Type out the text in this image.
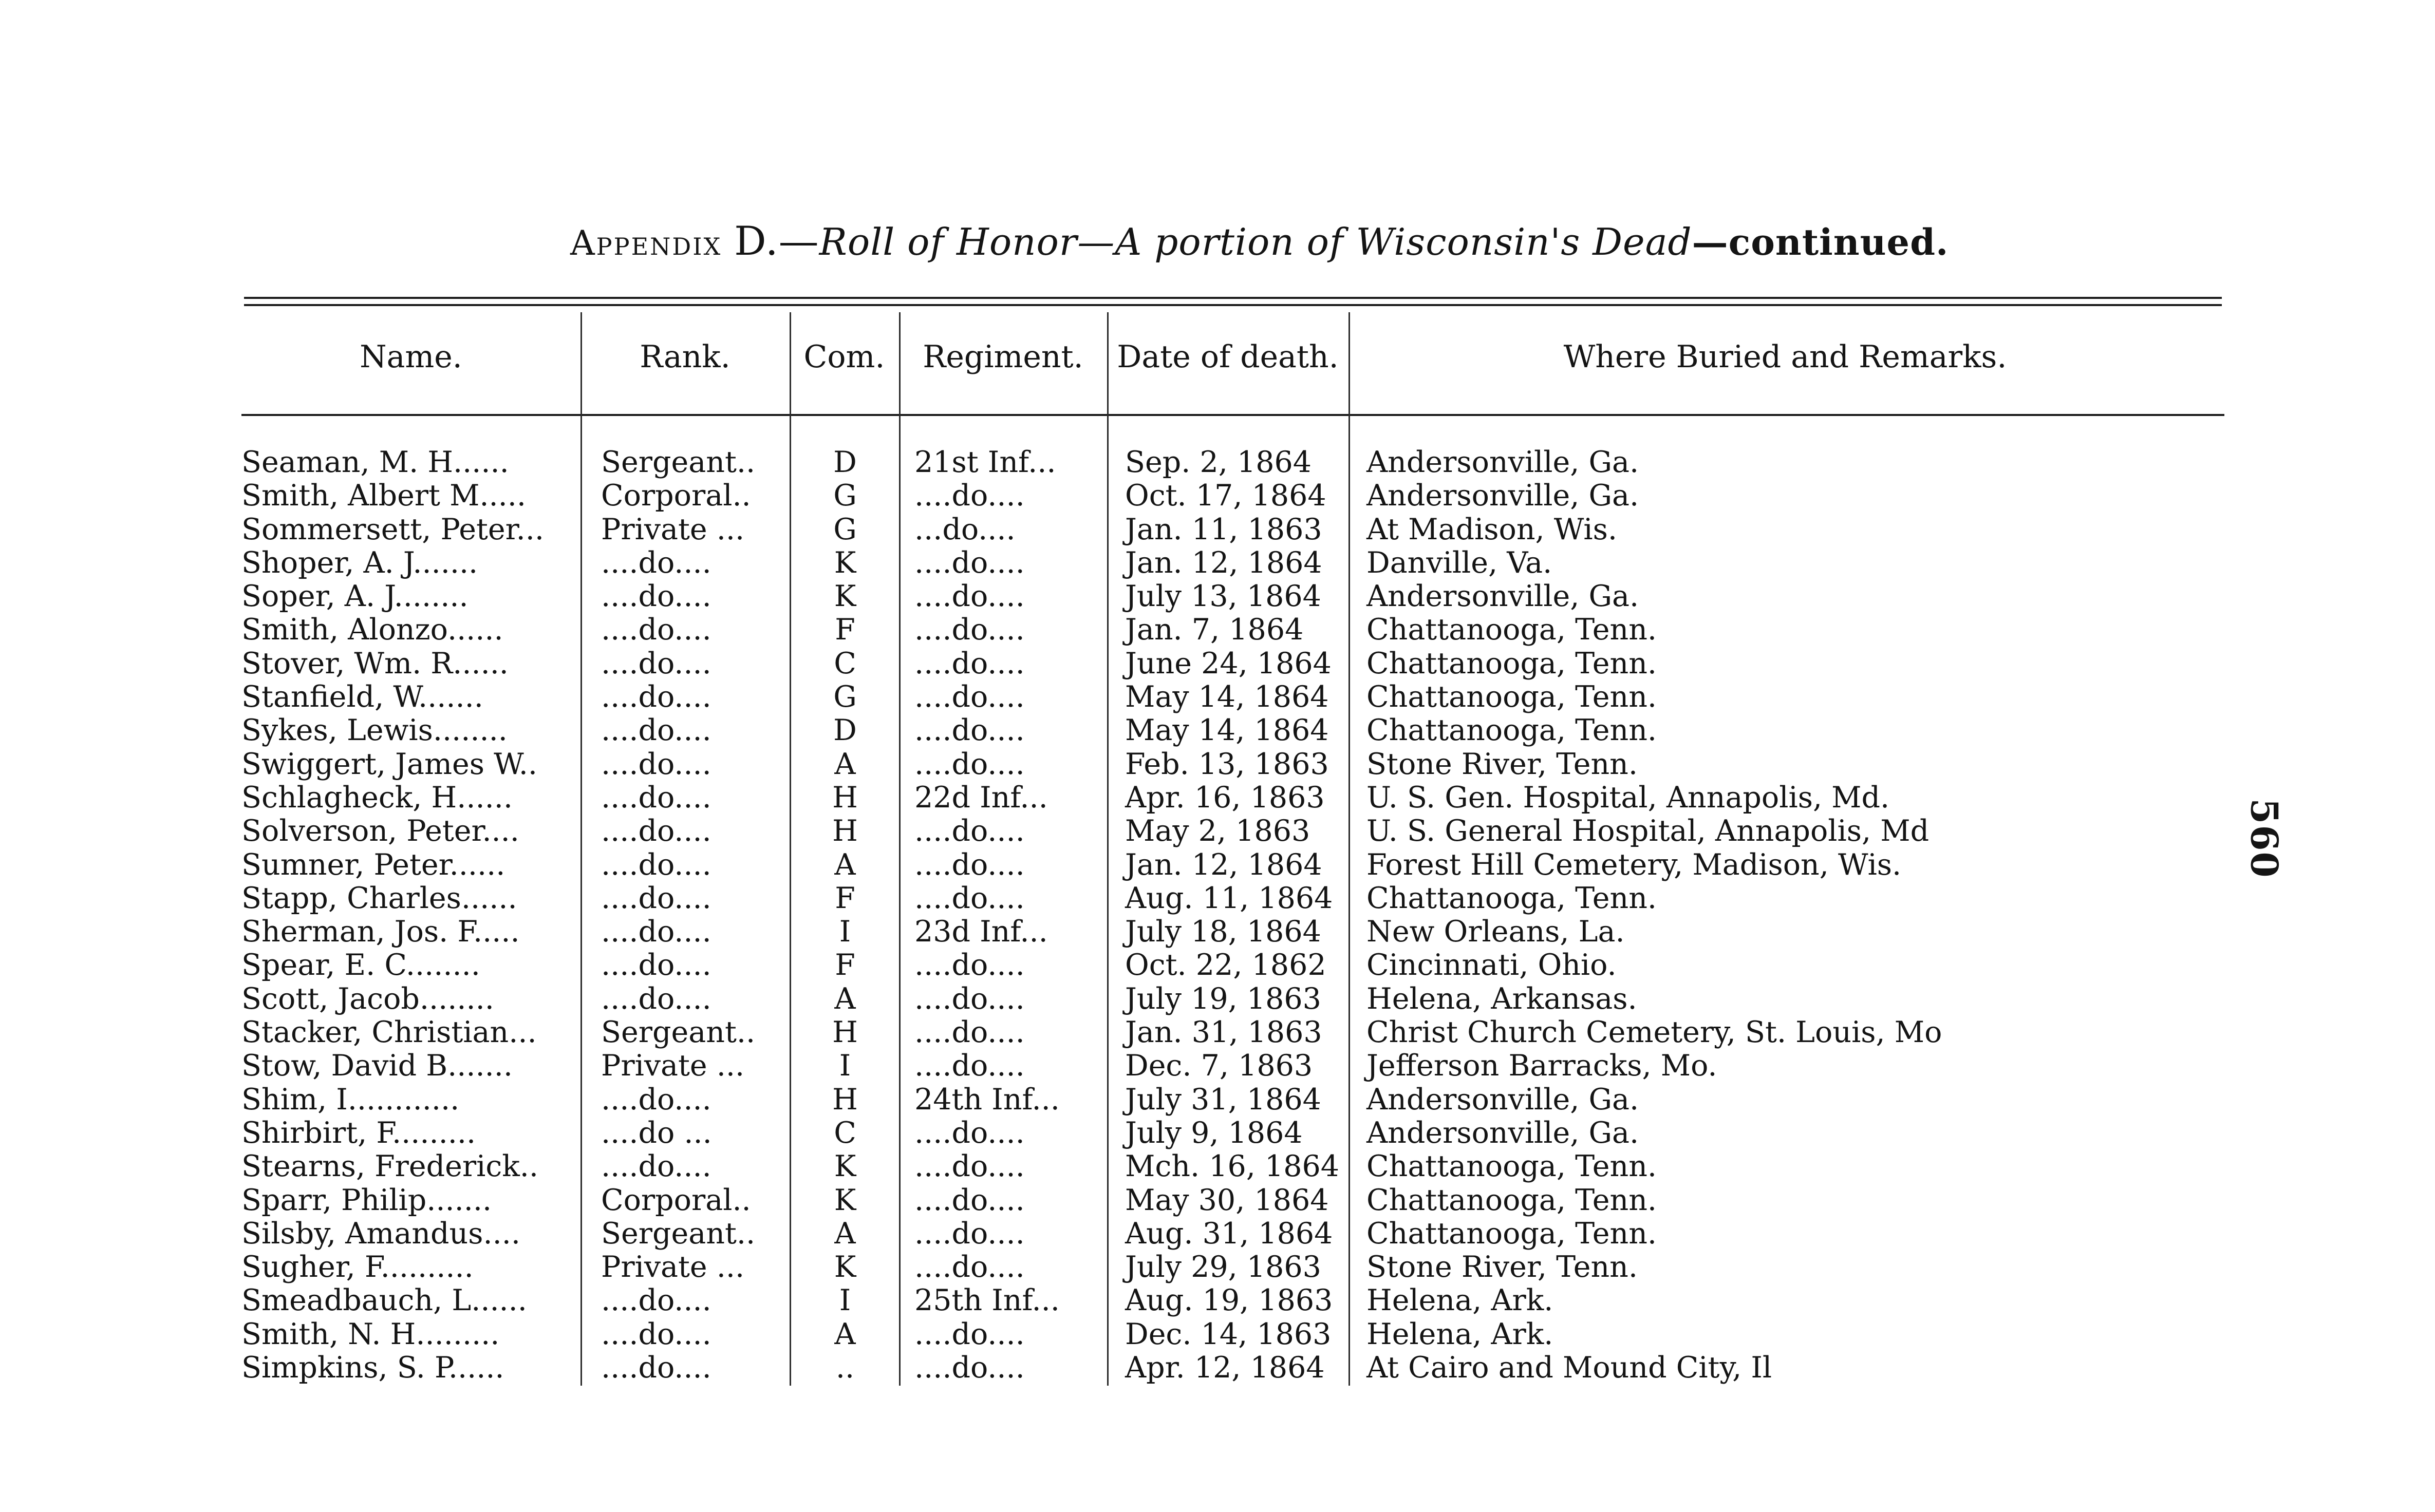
Appendix D.—Roll of Honor—A portion of Wisconsin's Dead—continued.
Name.	Rank.	Com.	Regiment.	Date of death.	Where Buried and Remarks.
Seaman, M. H......	Sergeant..	D	21st Inf... Sep. 2, 1864 Andersonville, Ga.
Smith, Albert M.....	Corporal..	G	....do....	Oct. 17, 1864 Andersonville, Ga.
Sommersett, Peter... Private ...	G	...do....	Jan. 11, 1863 At Madison, Wis.
Shoper, A. J.......	....do....	K	....do....	Jan. 12, 1864 Danville, Va.
Soper, A. J........	....do....	K	....do....	July 13, 1864 Andersonville, Ga.
Smith, Alonzo......	....do....	F	....do....	Jan. 7, 1864 Chattanooga, Tenn.
Stover, Wm. R......	....do....	C	....do....	June 24, 1864 Chattanooga, Tenn.
Stanfield, W.......	....do....	G	....do....	May 14, 1864 Chattanooga, Tenn.
Sykes, Lewis........	....do....	D	....do....	May 14, 1864 Chattanooga, Tenn.
Swiggert, James W.. ....do....	A	....do....	Feb. 13, 1863 Stone River, Tenn.
Schlagheck, H......	....do....	H	22d Inf...	Apr. 16, 1863 U. S. Gen. Hospital, Annapolis, Md.
Solverson, Peter....	....do....	H	....do....	May 2, 1863 U. S. General Hospital, Annapolis, Md
Sumner, Peter......	....do....	A	....do....	Jan. 12, 1864 Forest Hill Cemetery, Madison, Wis.
Stapp, Charles......	....do....	F	....do....	Aug. 11, 1864 Chattanooga, Tenn.
Sherman, Jos. F.....	....do....	I	23d Inf...	July 18, 1864 New Orleans, La.
Spear, E. C........	....do....	F	....do....	Oct. 22, 1862 Cincinnati, Ohio.
Scott, Jacob........	....do....	A	....do....	July 19, 1863 Helena, Arkansas.
Stacker, Christian... Sergeant..	H	....do....	Jan. 31, 1863 Christ Church Cemetery, St. Louis, Mo
Stow, David B.......	Private ...	I	....do....	Dec. 7, 1863 Jefferson Barracks, Mo.
Shim, I............	....do....	H	24th Inf... July 31, 1864 Andersonville, Ga.
Shirbirt, F.........	....do ...	C	....do....	July 9, 1864 Andersonville, Ga.
Stearns, Frederick.. ....do....	K	....do....	Mch. 16, 1864 Chattanooga, Tenn.
Sparr, Philip.......	Corporal..	K	....do....	May 30, 1864 Chattanooga, Tenn.
Silsby, Amandus....	Sergeant..	A	....do....	Aug. 31, 1864 Chattanooga, Tenn.
Sugher, F..........	Private ...	K	....do....	July 29, 1863 Stone River, Tenn.
Smeadbauch, L......	....do....	I	25th Inf... Aug. 19, 1863 Helena, Ark.
Smith, N. H.........	....do....	A	....do....	Dec. 14, 1863 Helena, Ark.
Simpkins, S. P......	....do....	..	....do....	Apr. 12, 1864 At Cairo and Mound City, Il
560
